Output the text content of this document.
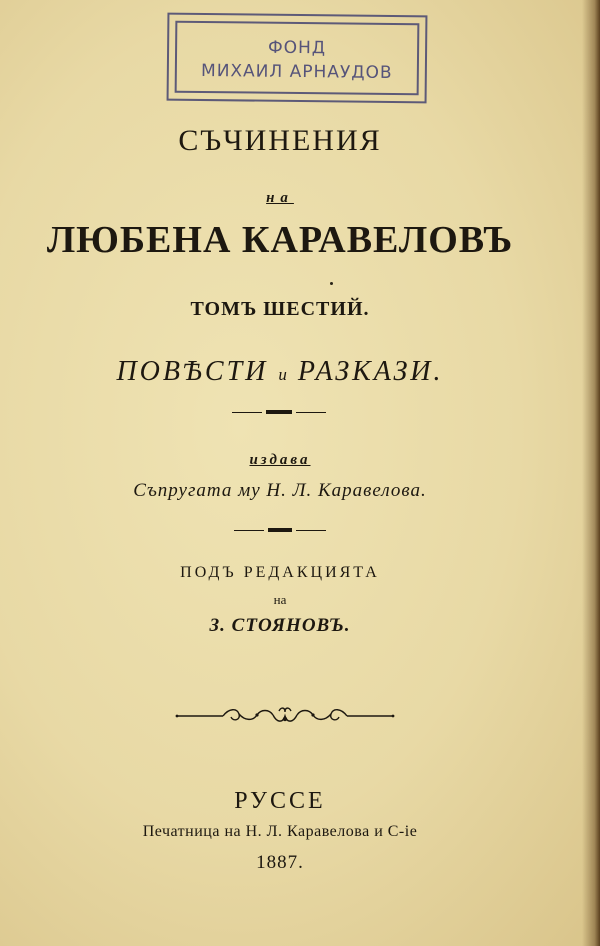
ФОНД
МИХАИЛ АРНАУДОВ
СЪЧИНЕНИЯ
на
ЛЮБЕНА КАРАВЕЛОВЪ
ТОМЪ ШЕСТИЙ.
ПОВѢСТИ и РАЗКАЗИ.
издава
Съпругата му Н. Л. Каравелова.
ПОДЪ РЕДАКЦИЯТА
на
З. СТОЯНОВЪ.
РУССЕ
Печатница на Н. Л. Каравелова и С-іе
1887.
